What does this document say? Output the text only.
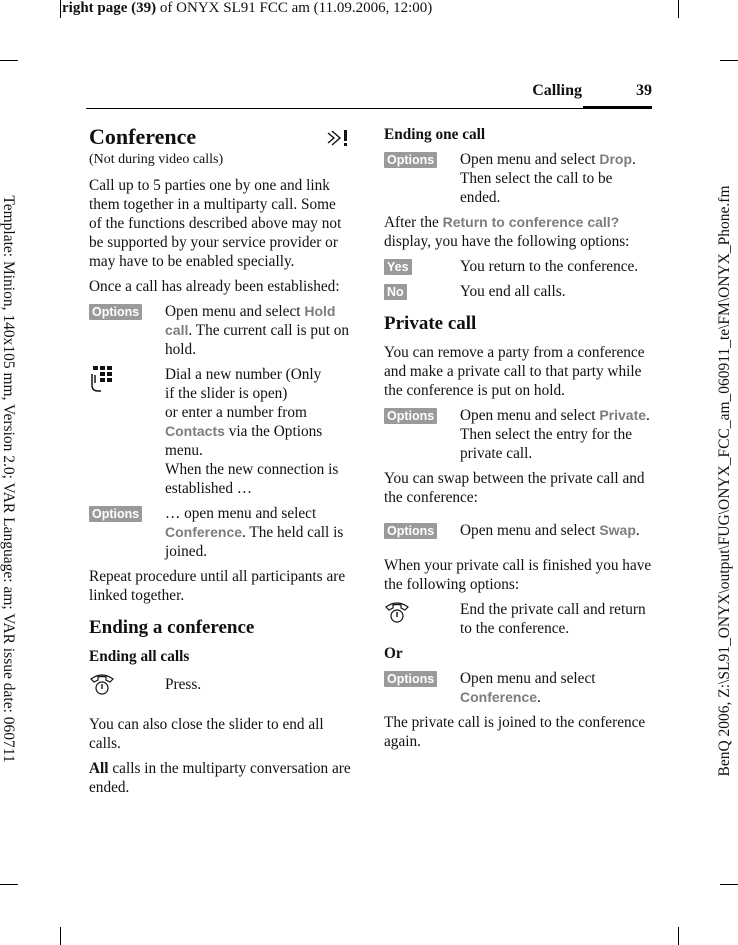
right page (39) of ONYX SL91 FCC am (11.09.2006, 12:00)
Template: Minion, 140x105 mm, Version 2.0; VAR Language: am; VAR issue date: 060711	BenQ 2006, Z:\SL91_ONYX\output\FUG\ONYX_FCC_am_060911_te\FM\ONYX_Phone.fm
Calling	39
Conference

(Not during video calls)

Call up to 5 parties one by one and link them together in a multiparty call. Some of the functions described above may not be supported by your service provider or may have to be enabled specially.

Once a call has already been established:

Options	Open menu and select Hold call. The current call is put on hold.
Dial a new number (Only
if the slider is open)
or enter a number from Contacts via the Options menu.
When the new connection is established …
Options	… open menu and select Conference. The held call is joined.

Repeat procedure until all participants are linked together.

Ending a conference
Ending all calls
Press.

You can also close the slider to end all calls.

All calls in the multiparty conversation are ended.

Ending one call
Options	Open menu and select Drop. Then select the call to be ended.

After the Return to conference call? display, you have the following options:

Yes	You return to the conference.
No	You end all calls.
Private call

You can remove a party from a conference and make a private call to that party while the conference is put on hold.

Options	Open menu and select Private. Then select the entry for the private call.

You can swap between the private call and the conference:

Options	Open menu and select Swap.

When your private call is finished you have the following options:

End the private call and return to the conference.

Or

Options	Open menu and select Conference.

The private call is joined to the conference again.
